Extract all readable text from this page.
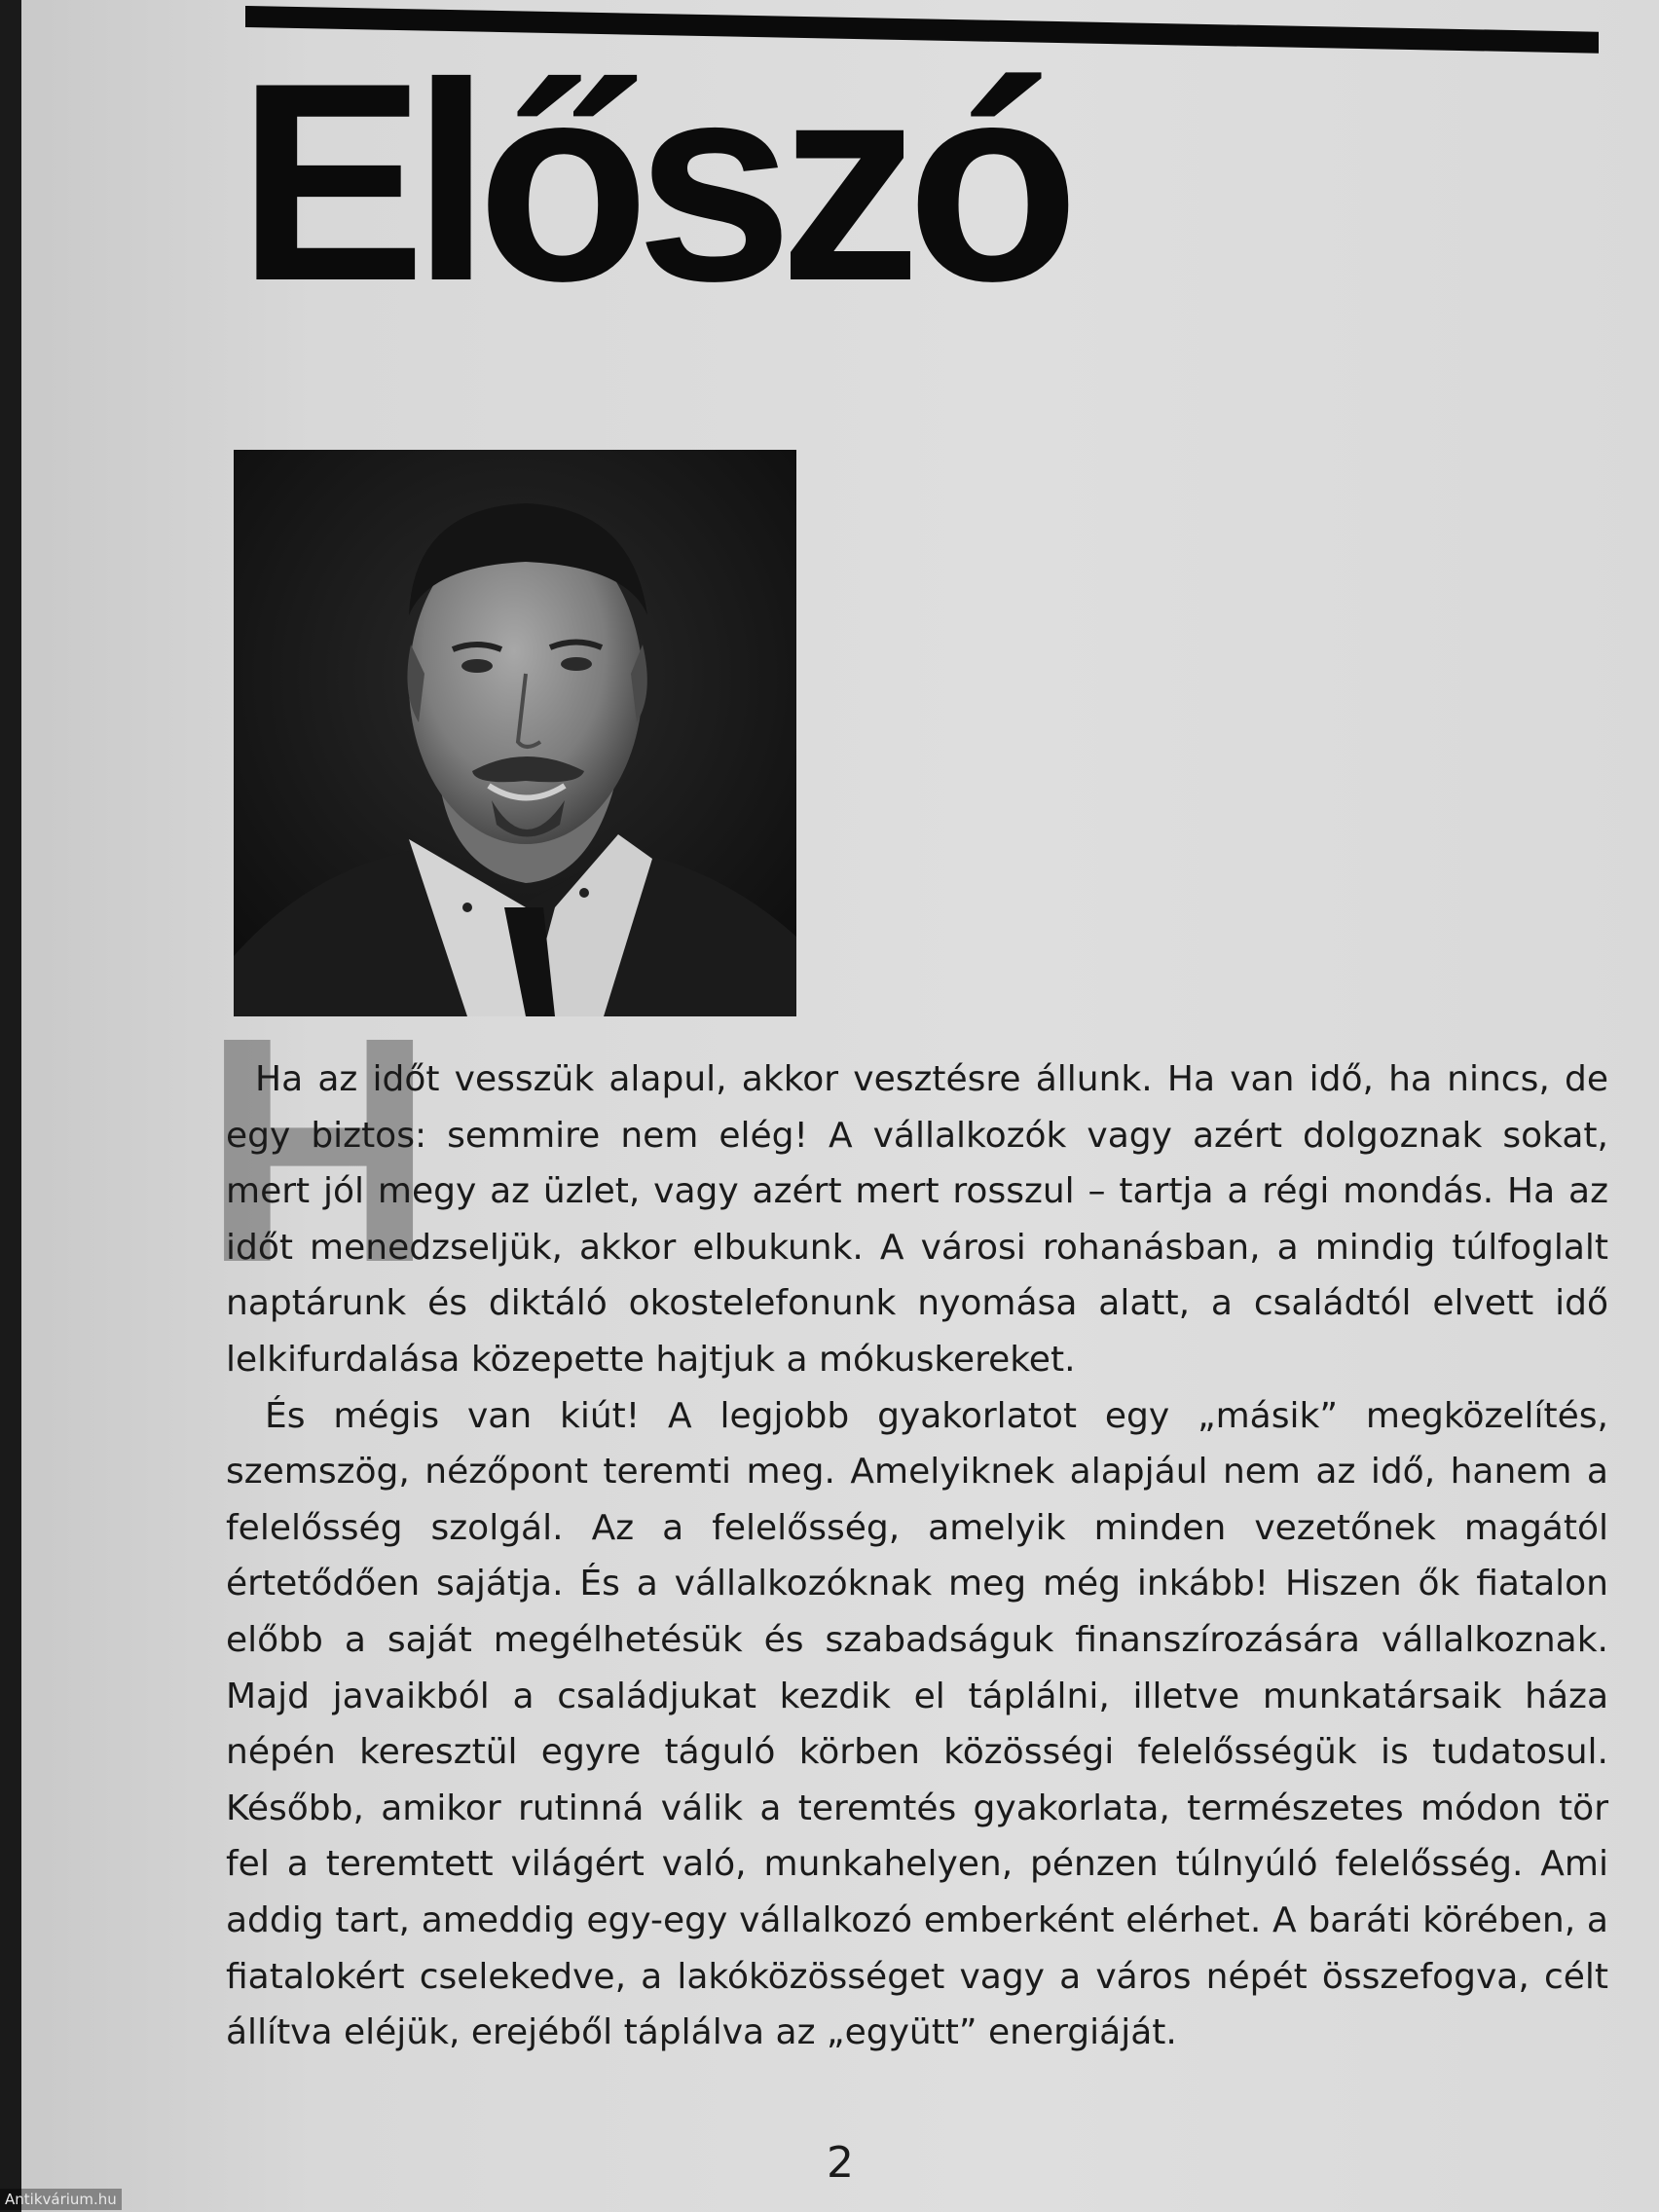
Előszó
H

Ha az időt vesszük alapul, akkor vesztésre állunk. Ha van idő, ha nincs, de egy biztos: semmire nem elég! A vállalkozók vagy azért dolgoznak sokat, mert jól megy az üzlet, vagy azért mert rosszul – tartja a régi mondás. Ha az időt menedzseljük, akkor elbukunk. A városi rohanásban, a mindig túlfoglalt naptárunk és diktáló okostelefonunk nyomása alatt, a családtól elvett idő lelkifurdalása közepette hajtjuk a mókuskereket.

És mégis van kiút! A legjobb gyakorlatot egy „másik” megközelítés, szemszög, nézőpont teremti meg. Amelyiknek alapjául nem az idő, hanem a felelősség szolgál. Az a felelősség, amelyik minden vezetőnek magától értetődően sajátja. És a vállalkozóknak meg még inkább! Hiszen ők fiatalon előbb a saját megélhetésük és szabadságuk finanszírozására vállalkoznak. Majd javaikból a családjukat kezdik el táplálni, illetve munkatársaik háza népén keresztül egyre táguló körben közösségi felelősségük is tudatosul. Később, amikor rutinná válik a teremtés gyakorlata, természetes módon tör fel a teremtett világért való, munkahelyen, pénzen túlnyúló felelősség. Ami addig tart, ameddig egy-egy vállalkozó emberként elérhet. A baráti körében, a fiatalokért cselekedve, a lakóközösséget vagy a város népét összefogva, célt állítva eléjük, erejéből táplálva az „együtt” energiáját.

2
Antikvárium.hu
